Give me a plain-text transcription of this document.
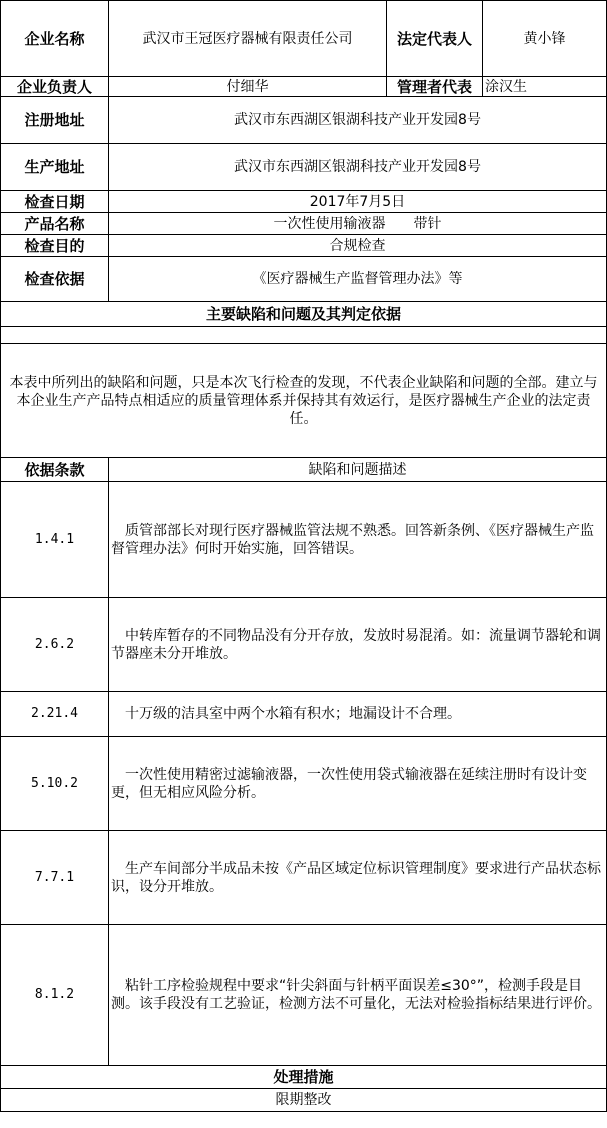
企业名称	武汉市王冠医疗器械有限责任公司	法定代表人	黄小锋
企业负责人	付细华	管理者代表	涂汉生
注册地址	武汉市东西湖区银湖科技产业开发园8号		
生产地址	武汉市东西湖区银湖科技产业开发园8号		
检查日期	2017年7月5日		
产品名称	一次性使用输液器　　带针		
检查目的	合规检查		
检查依据	《医疗器械生产监督管理办法》等		
主要缺陷和问题及其判定依据			

本表中所列出的缺陷和问题，只是本次飞行检查的发现，不代表企业缺陷和问题的全部。建立与本企业生产产品特点相适应的质量管理体系并保持其有效运行，是医疗器械生产企业的法定责任。			
依据条款	缺陷和问题描述		
1.4.1	　质管部部长对现行医疗器械监管法规不熟悉。回答新条例、《医疗器械生产监督管理办法》何时开始实施，回答错误。		
2.6.2	　中转库暂存的不同物品没有分开存放，发放时易混淆。如：流量调节器轮和调节器座未分开堆放。		
2.21.4	　十万级的洁具室中两个水箱有积水；地漏设计不合理。		
5.10.2	　一次性使用精密过滤输液器，一次性使用袋式输液器在延续注册时有设计变更，但无相应风险分析。		
7.7.1	　生产车间部分半成品未按《产品区域定位标识管理制度》要求进行产品状态标识，设分开堆放。		
8.1.2	　粘针工序检验规程中要求“针尖斜面与针柄平面误差≤30°”，检测手段是目测。该手段没有工艺验证，检测方法不可量化，无法对检验指标结果进行评价。		
处理措施			
限期整改			
